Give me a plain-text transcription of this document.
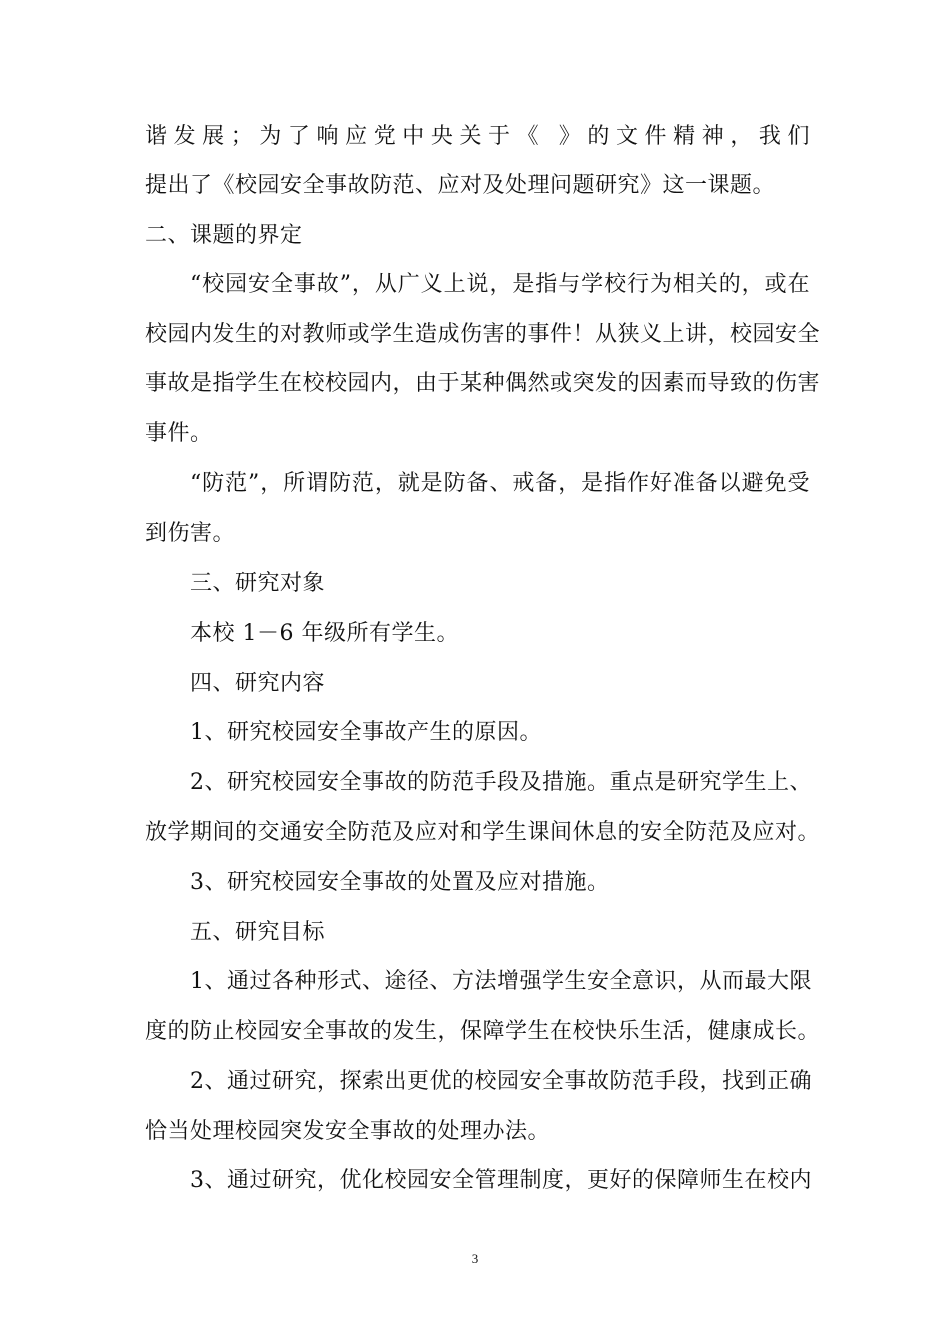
谐发展；为了响应党中央关于《 》的文件精神，我们
提出了《校园安全事故防范、应对及处理问题研究》这一课题。
二、课题的界定
“校园安全事故”，从广义上说，是指与学校行为相关的，或在
校园内发生的对教师或学生造成伤害的事件！从狭义上讲，校园安全
事故是指学生在校校园内，由于某种偶然或突发的因素而导致的伤害
事件。
“防范”，所谓防范，就是防备、戒备，是指作好准备以避免受
到伤害。
三、研究对象
本校 1－6 年级所有学生。
四、研究内容
1、研究校园安全事故产生的原因。
2、研究校园安全事故的防范手段及措施。重点是研究学生上、
放学期间的交通安全防范及应对和学生课间休息的安全防范及应对。
3、研究校园安全事故的处置及应对措施。
五、研究目标
1、通过各种形式、途径、方法增强学生安全意识，从而最大限
度的防止校园安全事故的发生，保障学生在校快乐生活，健康成长。
2、通过研究，探索出更优的校园安全事故防范手段，找到正确
恰当处理校园突发安全事故的处理办法。
3、通过研究，优化校园安全管理制度，更好的保障师生在校内
3
